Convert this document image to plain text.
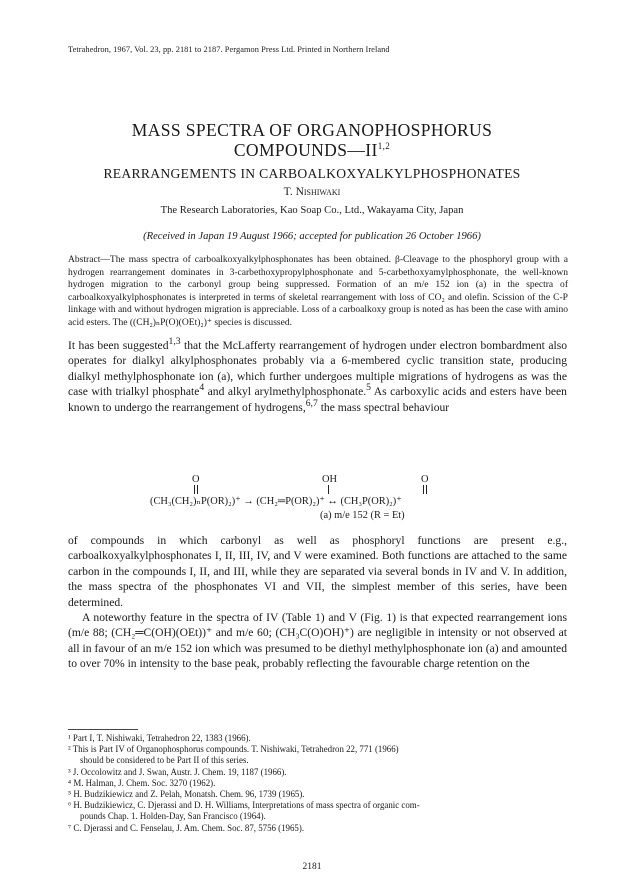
Tetrahedron, 1967, Vol. 23, pp. 2181 to 2187. Pergamon Press Ltd. Printed in Northern Ireland
MASS SPECTRA OF ORGANOPHOSPHORUS
COMPOUNDS—II$^{1,2}$
REARRANGEMENTS IN CARBOALKOXYALKYLPHOSPHONATES
T. Nishiwaki
The Research Laboratories, Kao Soap Co., Ltd., Wakayama City, Japan
(Received in Japan 19 August 1966; accepted for publication 26 October 1966)
Abstract—The mass spectra of carboalkoxyalkylphosphonates has been obtained. β-Cleavage to the phosphoryl group with a hydrogen rearrangement dominates in 3-carbethoxypropylphosphonate and 5-carbethoxyamylphosphonate, the well-known hydrogen migration to the carbonyl group being suppressed. Formation of an m/e 152 ion (a) in the spectra of carboalkoxyalkylphosphonates is interpreted in terms of skeletal rearrangement with loss of CO₂ and olefin. Scission of the C-P linkage with and without hydrogen migration is appreciable. Loss of a carboalkoxy group is noted as has been the case with amino acid esters. The ((CH₂)ₙP(O)(OEt)₂)⁺ species is discussed.

It has been suggested$^{1,3}$ that the McLafferty rearrangement of hydrogen under electron bombardment also operates for dialkyl alkylphosphonates probably via a 6-membered cyclic transition state, producing dialkyl methylphosphonate ion (a), which further undergoes multiple migrations of hydrogens as was the case with trialkyl phosphate$^4$ and alkyl arylmethylphosphonate.$^5$ As carboxylic acids and esters have been known to undergo the rearrangement of hydrogens,$^{6,7}$ the mass spectral behaviour

O	OH	O
(CH₃(CH₂)ₙP(OR)₂)⁺ → (CH₂═P(OR)₂)⁺ ↔ (CH₃P(OR)₂)⁺
(a) m/e 152 (R = Et)

of compounds in which carbonyl as well as phosphoryl functions are present e.g., carboalkoxyalkylphosphonates I, II, III, IV, and V were examined. Both functions are attached to the same carbon in the compounds I, II, and III, while they are separated via several bonds in IV and V. In addition, the mass spectra of the phosphonates VI and VII, the simplest member of this series, have been determined.

A noteworthy feature in the spectra of IV (Table 1) and V (Fig. 1) is that expected rearrangement ions (m/e 88; (CH₂═C(OH)(OEt))⁺ and m/e 60; (CH₃C(O)OH)⁺) are negligible in intensity or not observed at all in favour of an m/e 152 ion which was presumed to be diethyl methylphosphonate ion (a) and amounted to over 70% in intensity to the base peak, probably reflecting the favourable charge retention on the

¹ Part I, T. Nishiwaki, Tetrahedron 22, 1383 (1966).
² This is Part IV of Organophosphorus compounds. T. Nishiwaki, Tetrahedron 22, 771 (1966)
should be considered to be Part II of this series.
³ J. Occolowitz and J. Swan, Austr. J. Chem. 19, 1187 (1966).
⁴ M. Halman, J. Chem. Soc. 3270 (1962).
⁵ H. Budzikiewicz and Z. Pelah, Monatsh. Chem. 96, 1739 (1965).
⁶ H. Budzikiewicz, C. Djerassi and D. H. Williams, Interpretations of mass spectra of organic com-
pounds Chap. 1. Holden-Day, San Francisco (1964).
⁷ C. Djerassi and C. Fenselau, J. Am. Chem. Soc. 87, 5756 (1965).
2181
